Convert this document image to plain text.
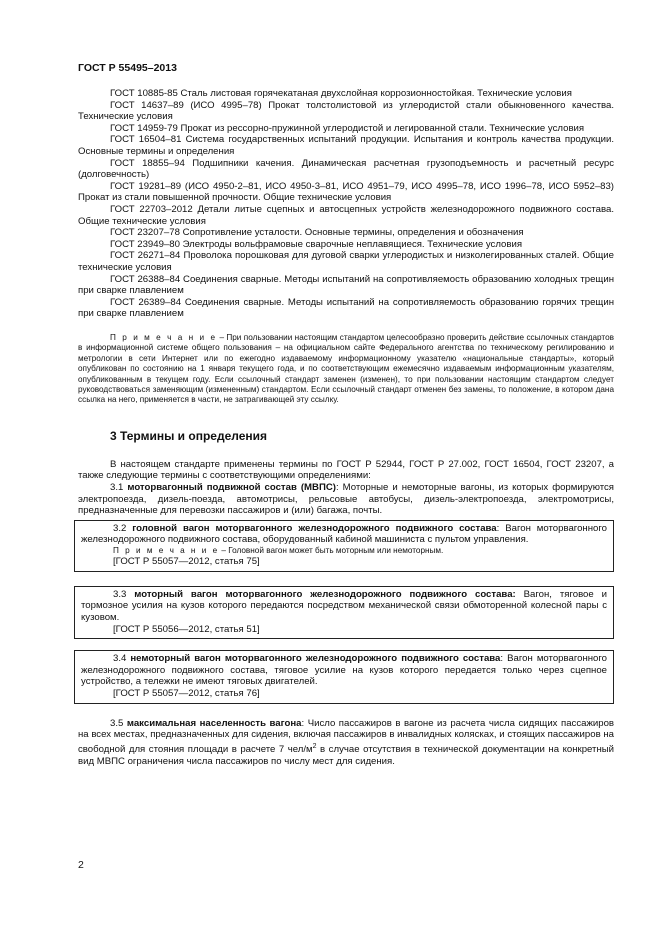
ГОСТ Р 55495–2013

ГОСТ 10885-85 Сталь листовая горячекатаная двухслойная коррозионностойкая. Технические условия

ГОСТ 14637–89 (ИСО 4995–78) Прокат толстолистовой из углеродистой стали обыкновенного качества. Технические условия

ГОСТ 14959-79 Прокат из рессорно-пружинной углеродистой и легированной стали. Технические условия

ГОСТ 16504–81 Система государственных испытаний продукции. Испытания и контроль качества продукции. Основные термины и определения

ГОСТ 18855–94 Подшипники качения. Динамическая расчетная грузоподъемность и расчетный ресурс (долговечность)

ГОСТ 19281–89 (ИСО 4950-2–81, ИСО 4950-3–81, ИСО 4951–79, ИСО 4995–78, ИСО 1996–78, ИСО 5952–83) Прокат из стали повышенной прочности. Общие технические условия

ГОСТ 22703–2012 Детали литые сцепных и автосцепных устройств железнодорожного подвижного состава. Общие технические условия

ГОСТ 23207–78 Сопротивление усталости. Основные термины, определения и обозначения

ГОСТ 23949–80 Электроды вольфрамовые сварочные неплавящиеся. Технические условия

ГОСТ 26271–84 Проволока порошковая для дуговой сварки углеродистых и низколегированных сталей. Общие технические условия

ГОСТ 26388–84 Соединения сварные. Методы испытаний на сопротивляемость образованию холодных трещин при сварке плавлением

ГОСТ 26389–84 Соединения сварные. Методы испытаний на сопротивляемость образованию горячих трещин при сварке плавлением

П р и м е ч а н и е – При пользовании настоящим стандартом целесообразно проверить действие ссылочных стандартов в информационной системе общего пользования – на официальном сайте Федерального агентства по техническому регилированию и метрологии в сети Интернет или по ежегодно издаваемому информационному указателю «национальные стандарты», который опубликован по состоянию на 1 января текущего года, и по соответствующим ежемесячно издаваемым информационным указателям, опубликованным в текущем году. Если ссылочный стандарт заменен (изменен), то при пользовании настоящим стандартом следует руководствоваться заменяющим (измененным) стандартом. Если ссылочный стандарт отменен без замены, то положение, в котором дана ссылка на него, применяется в части, не затрагивающей эту ссылку.

3 Термины и определения

В настоящем стандарте применены термины по ГОСТ Р 52944, ГОСТ Р 27.002, ГОСТ 16504, ГОСТ 23207, а также следующие термины с соответствующими определениями:

3.1 моторвагонный подвижной состав (МВПС): Моторные и немоторные вагоны, из которых формируются электропоезда, дизель-поезда, автомотрисы, рельсовые автобусы, дизель-электропоезда, электромотрисы, предназначенные для перевозки пассажиров и (или) багажа, почты.

3.2 головной вагон моторвагонного железнодорожного подвижного состава: Вагон моторвагонного железнодорожного подвижного состава, оборудованный кабиной машиниста с пультом управления.

П р и м е ч а н и е – Головной вагон может быть моторным или немоторным.

[ГОСТ Р 55057—2012, статья 75]

3.3 моторный вагон моторвагонного железнодорожного подвижного состава: Вагон, тяговое и тормозное усилия на кузов которого передаются посредством механической связи обмоторенной колесной пары с кузовом.

[ГОСТ Р 55056—2012, статья 51]

3.4 немоторный вагон моторвагонного железнодорожного подвижного состава: Вагон моторвагонного железнодорожного подвижного состава, тяговое усилие на кузов которого передается только через сцепное устройство, а тележки не имеют тяговых двигателей.

[ГОСТ Р 55057—2012, статья 76]

3.5 максимальная населенность вагона: Число пассажиров в вагоне из расчета числа сидящих пассажиров на всех местах, предназначенных для сидения, включая пассажиров в инвалидных колясках, и стоящих пассажиров на свободной для стояния площади в расчете 7 чел/$м^2$ в случае отсутствия в технической документации на конкретный вид МВПС ограничения числа пассажиров по числу мест для сидения.

2
